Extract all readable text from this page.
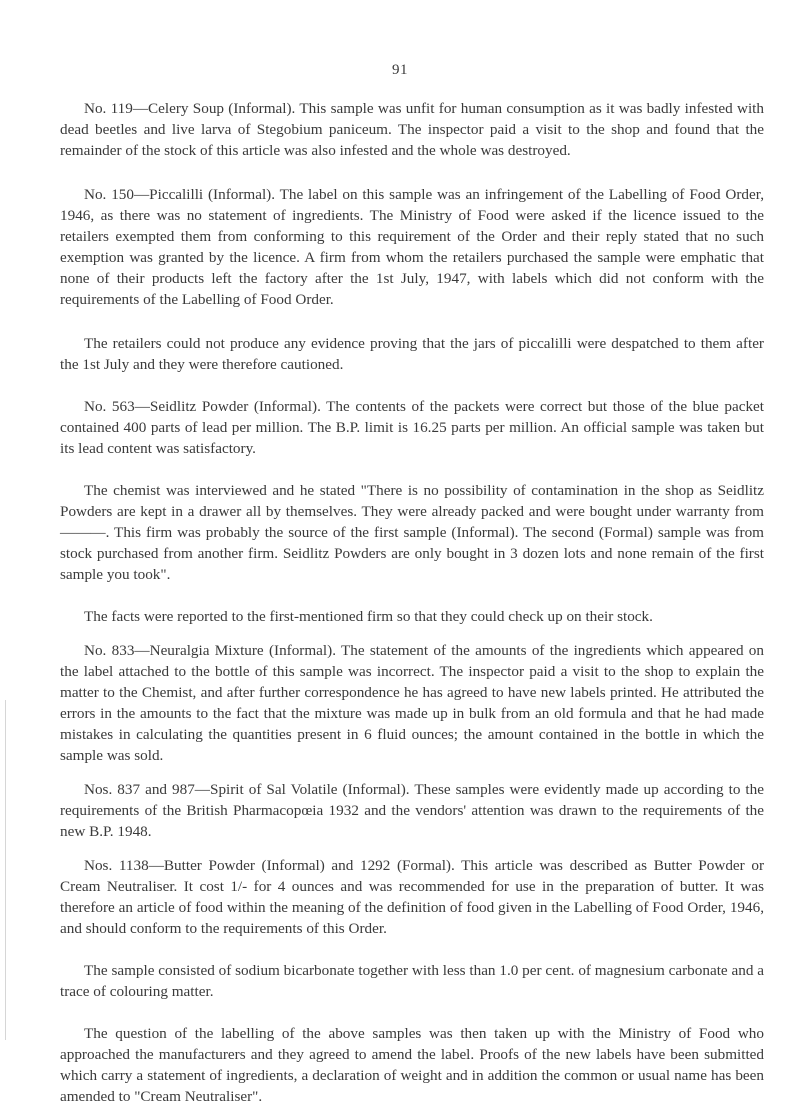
91

No. 119—Celery Soup (Informal). This sample was unfit for human consumption as it was badly infested with dead beetles and live larva of Stegobium paniceum. The inspector paid a visit to the shop and found that the remainder of the stock of this article was also infested and the whole was destroyed.

No. 150—Piccalilli (Informal). The label on this sample was an infringement of the Labelling of Food Order, 1946, as there was no statement of ingredients. The Ministry of Food were asked if the licence issued to the retailers exempted them from conforming to this requirement of the Order and their reply stated that no such exemption was granted by the licence. A firm from whom the retailers purchased the sample were emphatic that none of their products left the factory after the 1st July, 1947, with labels which did not conform with the requirements of the Labelling of Food Order.

The retailers could not produce any evidence proving that the jars of piccalilli were despatched to them after the 1st July and they were therefore cautioned.

No. 563—Seidlitz Powder (Informal). The contents of the packets were correct but those of the blue packet contained 400 parts of lead per million. The B.P. limit is 16.25 parts per million. An official sample was taken but its lead content was satisfactory.

The chemist was interviewed and he stated "There is no possibility of contamination in the shop as Seidlitz Powders are kept in a drawer all by themselves. They were already packed and were bought under warranty from ———. This firm was probably the source of the first sample (Informal). The second (Formal) sample was from stock purchased from another firm. Seidlitz Powders are only bought in 3 dozen lots and none remain of the first sample you took".

The facts were reported to the first-mentioned firm so that they could check up on their stock.

No. 833—Neuralgia Mixture (Informal). The statement of the amounts of the ingredients which appeared on the label attached to the bottle of this sample was incorrect. The inspector paid a visit to the shop to explain the matter to the Chemist, and after further correspondence he has agreed to have new labels printed. He attributed the errors in the amounts to the fact that the mixture was made up in bulk from an old formula and that he had made mistakes in calculating the quantities present in 6 fluid ounces; the amount contained in the bottle in which the sample was sold.

Nos. 837 and 987—Spirit of Sal Volatile (Informal). These samples were evidently made up according to the requirements of the British Pharmacopœia 1932 and the vendors' attention was drawn to the requirements of the new B.P. 1948.

Nos. 1138—Butter Powder (Informal) and 1292 (Formal). This article was described as Butter Powder or Cream Neutraliser. It cost 1/- for 4 ounces and was recommended for use in the preparation of butter. It was therefore an article of food within the meaning of the definition of food given in the Labelling of Food Order, 1946, and should conform to the requirements of this Order.

The sample consisted of sodium bicarbonate together with less than 1.0 per cent. of magnesium carbonate and a trace of colouring matter.

The question of the labelling of the above samples was then taken up with the Ministry of Food who approached the manufacturers and they agreed to amend the label. Proofs of the new labels have been submitted which carry a statement of ingredients, a declaration of weight and in addition the common or usual name has been amended to "Cream Neutraliser".
